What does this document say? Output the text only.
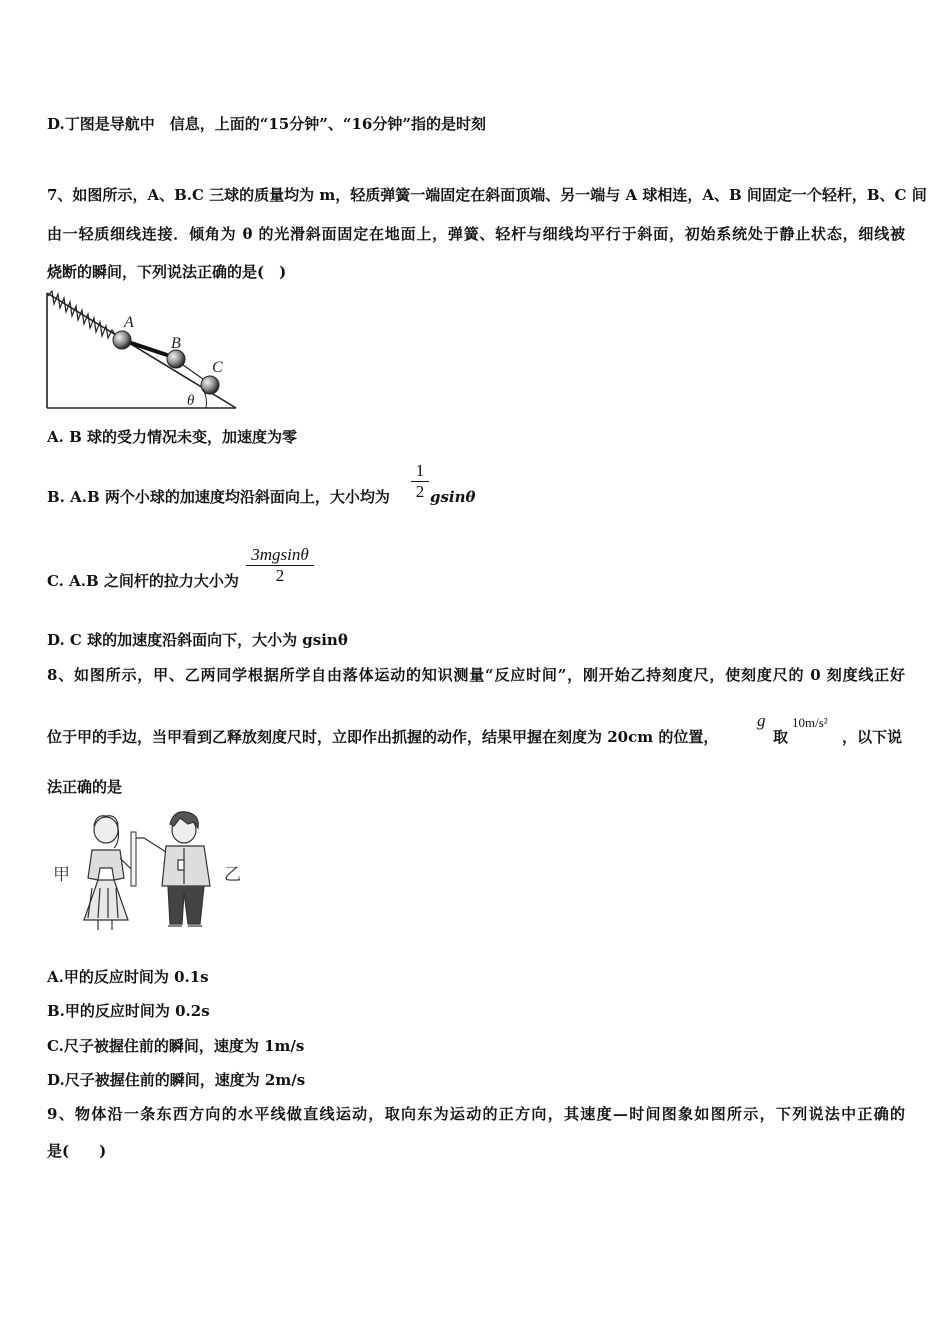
D.丁图是导航中　信息，上面的“15分钟”、“16分钟”指的是时刻
7、如图所示，A、B.C 三球的质量均为 m，轻质弹簧一端固定在斜面顶端、另一端与 A 球相连，A、B 间固定一个轻杆，B、C 间
由一轻质细线连接．倾角为 θ 的光滑斜面固定在地面上，弹簧、轻杆与细线均平行于斜面，初始系统处于静止状态，细线被
烧断的瞬间，下列说法正确的是(　)
A
B
C
θ
A. B 球的受力情况未变，加速度为零
B. A.B 两个小球的加速度均沿斜面向上，大小均为
1
2 gsinθ
C. A.B 之间杆的拉力大小为
3mgsinθ
2
D. C 球的加速度沿斜面向下，大小为 gsinθ
8、如图所示，甲、乙两同学根据所学自由落体运动的知识测量“反应时间”，刚开始乙持刻度尺，使刻度尺的 0 刻度线正好
位于甲的手边，当甲看到乙释放刻度尺时，立即作出抓握的动作，结果甲握在刻度为 20cm 的位置，
g
取
10m/s²
，以下说
法正确的是
甲	乙
A.甲的反应时间为 0.1s
B.甲的反应时间为 0.2s
C.尺子被握住前的瞬间，速度为 1m/s
D.尺子被握住前的瞬间，速度为 2m/s
9、物体沿一条东西方向的水平线做直线运动，取向东为运动的正方向，其速度—时间图象如图所示，下列说法中正确的
是(　　)
